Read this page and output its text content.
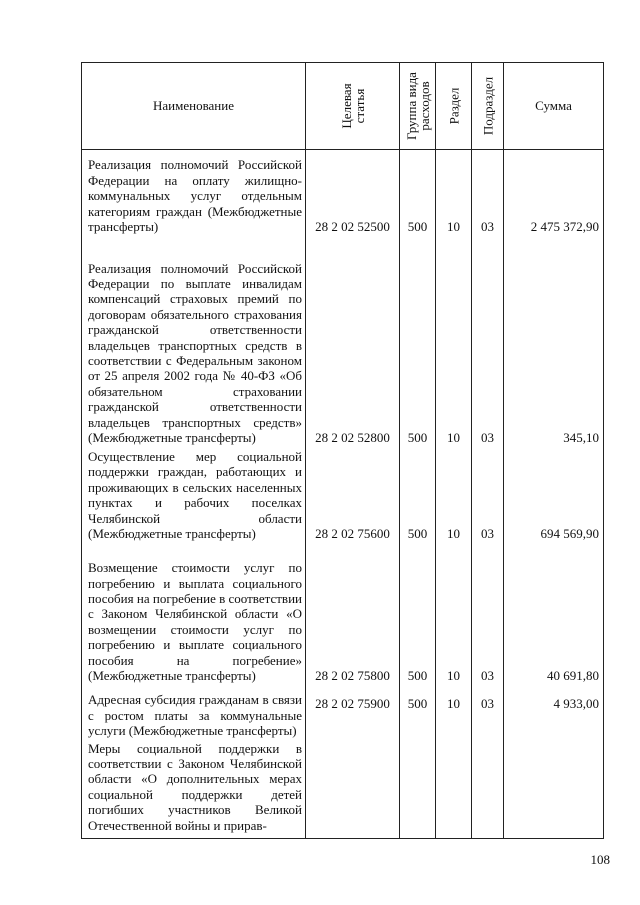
Наименование	Целевая статья	Группа вида расходов	Раздел	Подраздел	Сумма
Реализация полномочий Российской Федерации на оплату жилищно-коммунальных услуг отдельным категориям граждан (Межбюджетные трансферты)	28 2 02 52500	500	10	03	2 475 372,90
Реализация полномочий Российской Федерации по выплате инвалидам компенсаций страховых премий по договорам обязательного страхования гражданской ответственности владельцев транспортных средств в соответствии с Федеральным законом от 25 апреля 2002 года № 40-ФЗ «Об обязательном страховании гражданской ответственности владельцев транспортных средств» (Межбюджетные трансферты)	28 2 02 52800	500	10	03	345,10
Осуществление мер социальной поддержки граждан, работающих и проживающих в сельских населенных пунктах и рабочих поселках Челябинской области (Межбюджетные трансферты)	28 2 02 75600	500	10	03	694 569,90
Возмещение стоимости услуг по погребению и выплата социального пособия на погребение в соответствии с Законом Челябинской области «О возмещении стоимости услуг по погребению и выплате социального пособия на погребение» (Межбюджетные трансферты)	28 2 02 75800	500	10	03	40 691,80
Адресная субсидия гражданам в связи с ростом платы за коммунальные услуги (Межбюджетные трансферты)	28 2 02 75900	500	10	03	4 933,00
Меры социальной поддержки в соответствии с Законом Челябинской области «О дополнительных мерах социальной поддержки детей погибших участников Великой Отечественной войны и прирав-					
108
